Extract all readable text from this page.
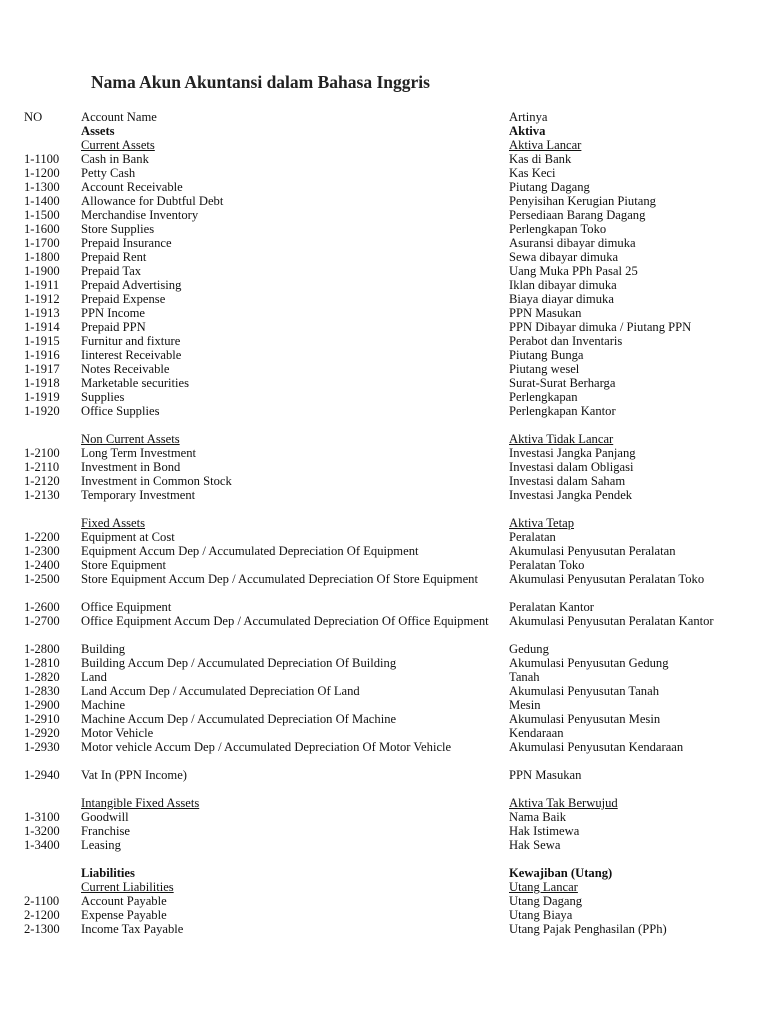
Nama Akun Akuntansi dalam Bahasa Inggris
NO	Account Name	Artinya
Assets	Aktiva
Current Assets	Aktiva Lancar
1-1100 Cash in Bank	Kas di Bank
1-1200 Petty Cash	Kas Keci
1-1300 Account Receivable	Piutang Dagang
1-1400 Allowance for Dubtful Debt	Penyisihan Kerugian Piutang
1-1500 Merchandise Inventory	Persediaan Barang Dagang
1-1600 Store Supplies	Perlengkapan Toko
1-1700 Prepaid Insurance	Asuransi dibayar dimuka
1-1800 Prepaid Rent	Sewa dibayar dimuka
1-1900 Prepaid Tax	Uang Muka PPh Pasal 25
1-1911 Prepaid Advertising	Iklan dibayar dimuka
1-1912 Prepaid Expense	Biaya diayar dimuka
1-1913 PPN Income	PPN Masukan
1-1914 Prepaid PPN	PPN Dibayar dimuka / Piutang PPN
1-1915 Furnitur and fixture	Perabot dan Inventaris
1-1916 Iinterest Receivable	Piutang Bunga
1-1917 Notes Receivable	Piutang wesel
1-1918 Marketable securities	Surat-Surat Berharga
1-1919 Supplies	Perlengkapan
1-1920 Office Supplies	Perlengkapan Kantor
Non Current Assets	Aktiva Tidak Lancar
1-2100 Long Term Investment	Investasi Jangka Panjang
1-2110 Investment in Bond	Investasi dalam Obligasi
1-2120 Investment in Common Stock	Investasi dalam Saham
1-2130 Temporary Investment	Investasi Jangka Pendek
Fixed Assets	Aktiva Tetap
1-2200 Equipment at Cost	Peralatan
1-2300 Equipment Accum Dep / Accumulated Depreciation Of Equipment	Akumulasi Penyusutan Peralatan
1-2400 Store Equipment	Peralatan Toko
1-2500 Store Equipment Accum Dep / Accumulated Depreciation Of Store Equipment	Akumulasi Penyusutan Peralatan Toko
1-2600 Office Equipment	Peralatan Kantor
1-2700 Office Equipment Accum Dep / Accumulated Depreciation Of Office Equipment	Akumulasi Penyusutan Peralatan Kantor
1-2800 Building	Gedung
1-2810 Building Accum Dep / Accumulated Depreciation Of Building	Akumulasi Penyusutan Gedung
1-2820 Land	Tanah
1-2830 Land Accum Dep / Accumulated Depreciation Of Land	Akumulasi Penyusutan Tanah
1-2900 Machine	Mesin
1-2910 Machine Accum Dep / Accumulated Depreciation Of Machine	Akumulasi Penyusutan Mesin
1-2920 Motor Vehicle	Kendaraan
1-2930 Motor vehicle Accum Dep / Accumulated Depreciation Of Motor Vehicle	Akumulasi Penyusutan Kendaraan
1-2940 Vat In (PPN Income)	PPN Masukan
Intangible Fixed Assets	Aktiva Tak Berwujud
1-3100 Goodwill	Nama Baik
1-3200 Franchise	Hak Istimewa
1-3400 Leasing	Hak Sewa
Liabilities	Kewajiban (Utang)
Current Liabilities	Utang Lancar
2-1100 Account Payable	Utang Dagang
2-1200 Expense Payable	Utang Biaya
2-1300 Income Tax Payable	Utang Pajak Penghasilan (PPh)
